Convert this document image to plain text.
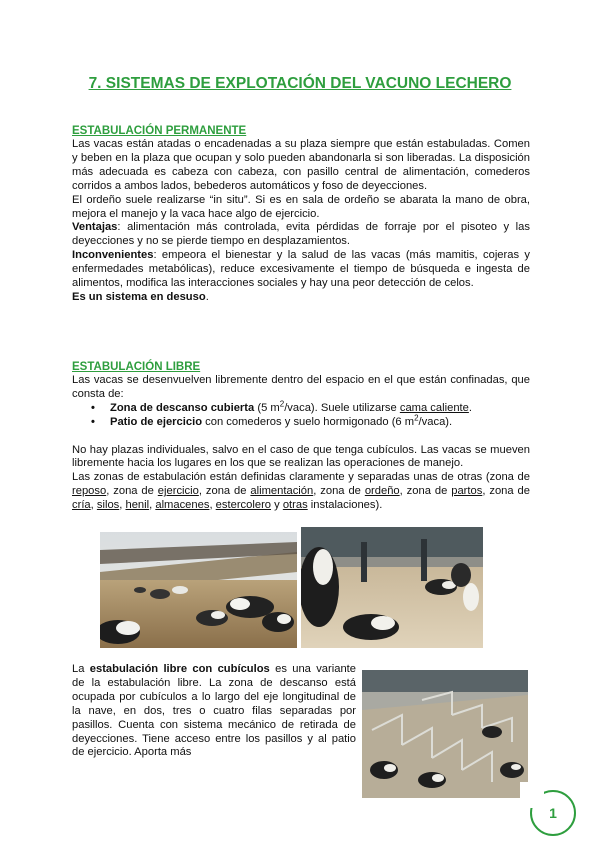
7. SISTEMAS DE EXPLOTACIÓN DEL VACUNO LECHERO
ESTABULACIÓN PERMANENTE

Las vacas están atadas o encadenadas a su plaza siempre que están estabuladas. Comen y beben en la plaza que ocupan y solo pueden abandonarla si son liberadas. La disposición más adecuada es cabeza con cabeza, con pasillo central de alimentación, comederos corridos a ambos lados, bebederos automáticos y foso de deyecciones.

El ordeño suele realizarse “in situ”. Si es en sala de ordeño se abarata la mano de obra, mejora el manejo y la vaca hace algo de ejercicio.

Ventajas: alimentación más controlada, evita pérdidas de forraje por el pisoteo y las deyecciones y no se pierde tiempo en desplazamientos.

Inconvenientes: empeora el bienestar y la salud de las vacas (más mamitis, cojeras y enfermedades metabólicas), reduce excesivamente el tiempo de búsqueda e ingesta de alimentos, modifica las interacciones sociales y hay una peor detección de celos.

Es un sistema en desuso.

ESTABULACIÓN LIBRE

Las vacas se desenvuelven libremente dentro del espacio en el que están confinadas, que consta de:

• Zona de descanso cubierta (5 $m^2/vaca$). Suele utilizarse cama caliente.
• Patio de ejercicio con comederos y suelo hormigonado (6 $m^2/vaca$).

No hay plazas individuales, salvo en el caso de que tenga cubículos. Las vacas se mueven libremente hacia los lugares en los que se realizan las operaciones de manejo.

Las zonas de estabulación están definidas claramente y separadas unas de otras (zona de reposo, zona de ejercicio, zona de alimentación, zona de ordeño, zona de partos, zona de cría, silos, henil, almacenes, estercolero y otras instalaciones).

La estabulación libre con cubículos es una variante de la estabulación libre. La zona de descanso está ocupada por cubículos a lo largo del eje longitudinal de la nave, en dos, tres o cuatro filas separadas por pasillos. Cuenta con sistema mecánico de retirada de deyecciones. Tiene acceso entre los pasillos y al patio de ejercicio. Aporta más

1
